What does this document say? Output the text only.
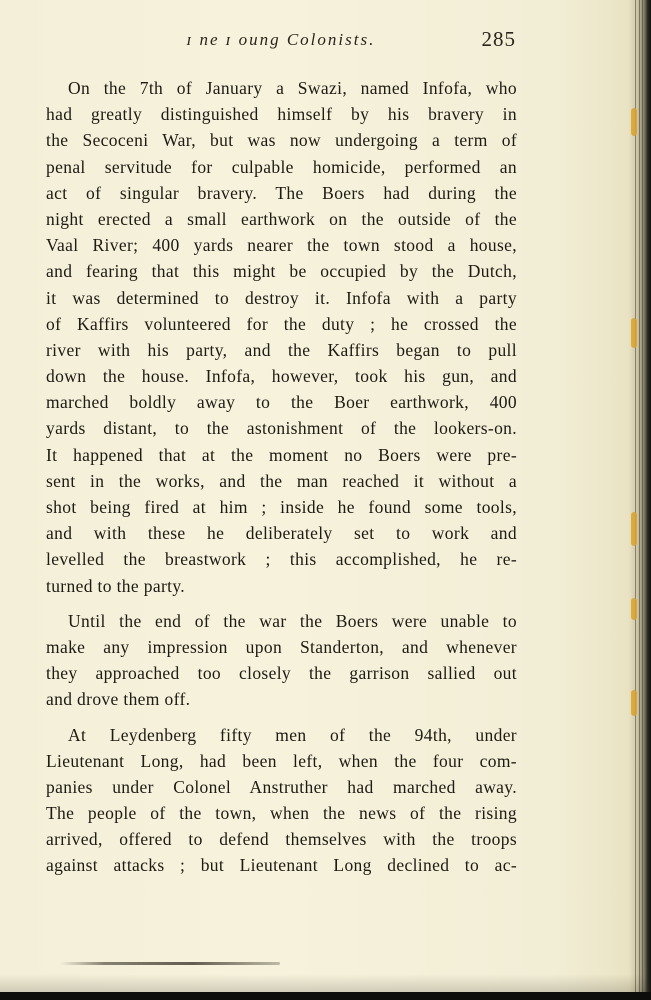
ɪ ne ɪ oung Colonists.	285

On the 7th of January a Swazi, named Infofa, who
had greatly distinguished himself by his bravery in
the Secoceni War, but was now undergoing a term of
penal servitude for culpable homicide, performed an
act of singular bravery. The Boers had during the
night erected a small earthwork on the outside of the
Vaal River; 400 yards nearer the town stood a house,
and fearing that this might be occupied by the Dutch,
it was determined to destroy it. Infofa with a party
of Kaffirs volunteered for the duty ; he crossed the
river with his party, and the Kaffirs began to pull
down the house. Infofa, however, took his gun, and
marched boldly away to the Boer earthwork, 400
yards distant, to the astonishment of the lookers-on.
It happened that at the moment no Boers were pre-
sent in the works, and the man reached it without a
shot being fired at him ; inside he found some tools,
and with these he deliberately set to work and
levelled the breastwork ; this accomplished, he re-
turned to the party.

Until the end of the war the Boers were unable to
make any impression upon Standerton, and whenever
they approached too closely the garrison sallied out
and drove them off.

At Leydenberg fifty men of the 94th, under
Lieutenant Long, had been left, when the four com-
panies under Colonel Anstruther had marched away.
The people of the town, when the news of the rising
arrived, offered to defend themselves with the troops
against attacks ; but Lieutenant Long declined to ac-
